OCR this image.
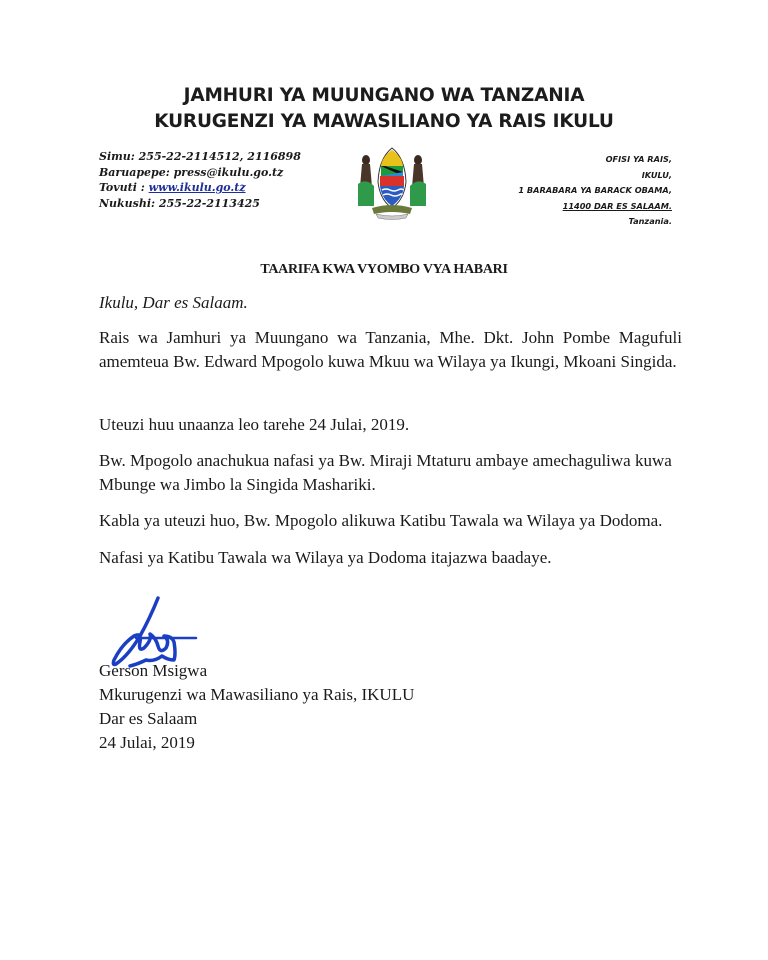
JAMHURI YA MUUNGANO WA TANZANIA
KURUGENZI YA MAWASILIANO YA RAIS IKULU
Simu: 255-22-2114512, 2116898
Baruapepe: press@ikulu.go.tz
Tovuti : www.ikulu.go.tz
Nukushi: 255-22-2113425
OFISI YA RAIS,
IKULU,
1 BARABARA YA BARACK OBAMA,
11400 DAR ES SALAAM.
Tanzania.
TAARIFA KWA VYOMBO VYA HABARI
Ikulu, Dar es Salaam.
Rais wa Jamhuri ya Muungano wa Tanzania, Mhe. Dkt. John Pombe Magufuli amemteua Bw. Edward Mpogolo kuwa Mkuu wa Wilaya ya Ikungi, Mkoani Singida.
Uteuzi huu unaanza leo tarehe 24 Julai, 2019.
Bw. Mpogolo anachukua nafasi ya Bw. Miraji Mtaturu ambaye amechaguliwa kuwa Mbunge wa Jimbo la Singida Mashariki.
Kabla ya uteuzi huo, Bw. Mpogolo alikuwa Katibu Tawala wa Wilaya ya Dodoma.
Nafasi ya Katibu Tawala wa Wilaya ya Dodoma itajazwa baadaye.
Gerson Msigwa
Mkurugenzi wa Mawasiliano ya Rais, IKULU
Dar es Salaam
24 Julai, 2019
